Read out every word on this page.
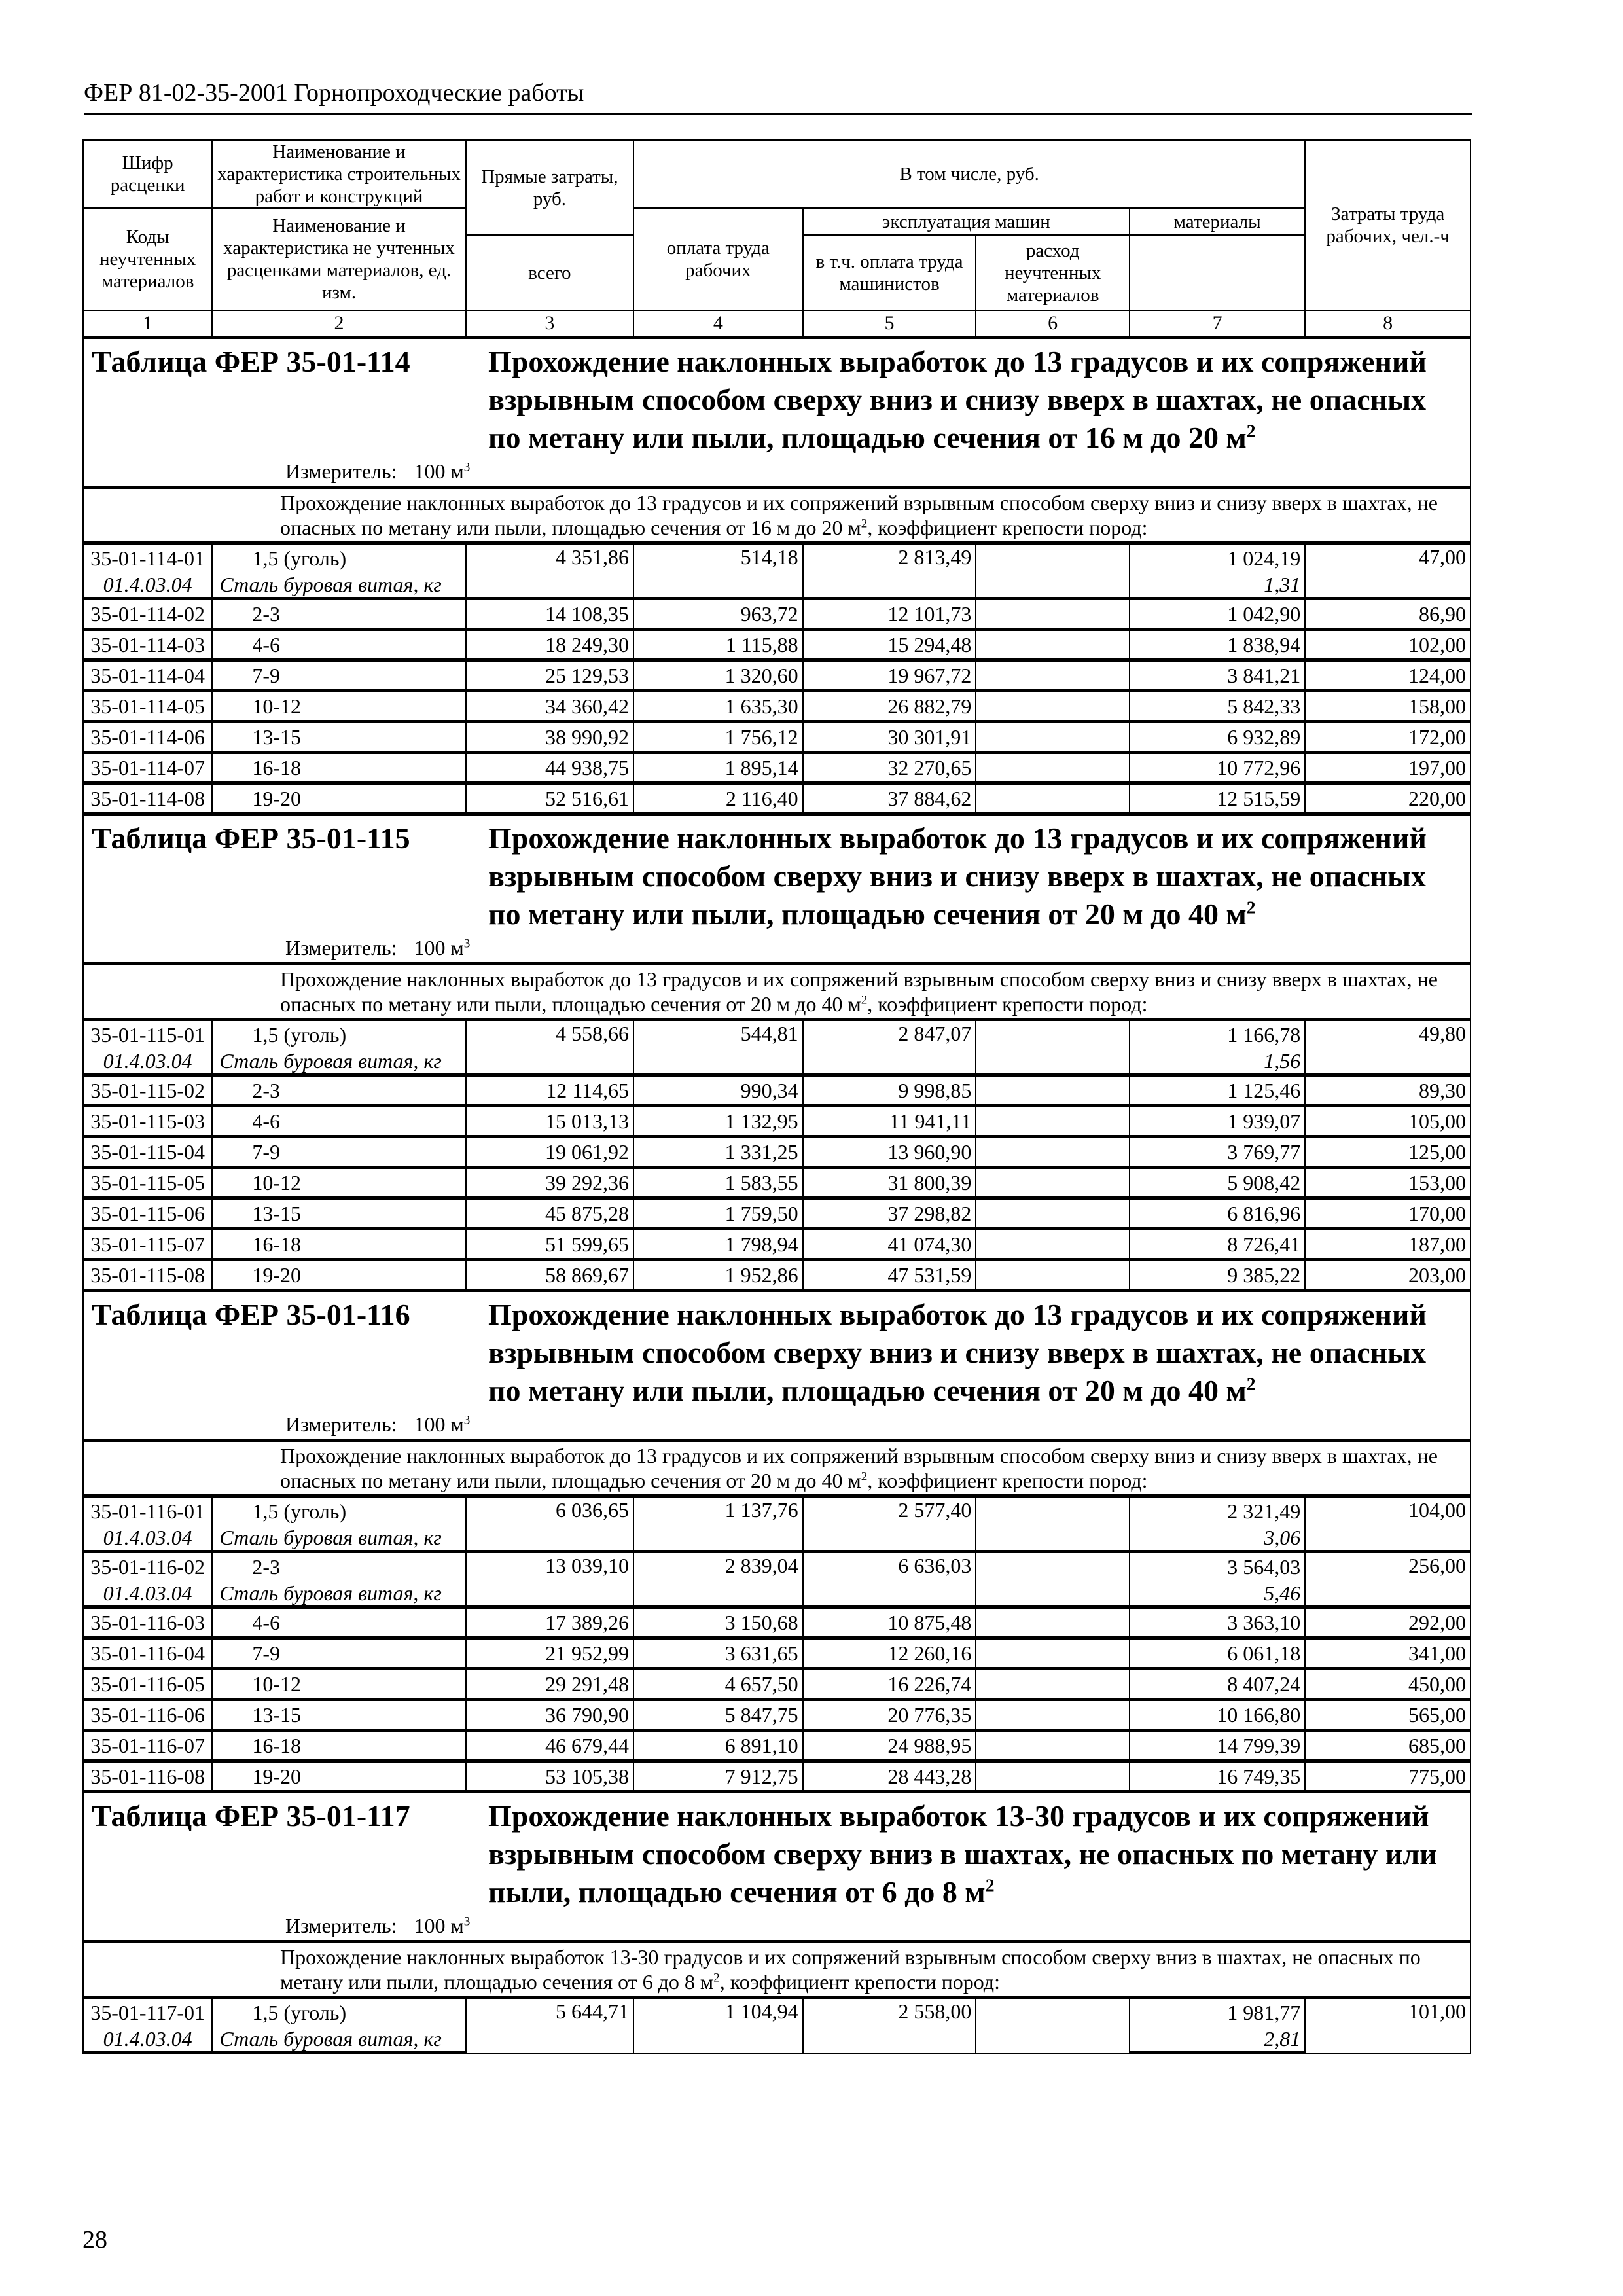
ФЕР 81-02-35-2001 Горнопроходческие работы
Шифр расценки	Наименование и характеристика строительных работ и конструкций	Прямые затраты, руб.	В том числе, руб.				Затраты труда рабочих, чел.-ч
Коды неучтенных материалов	Наименование и характеристика не учтенных расценками материалов, ед. изм.		оплата труда рабочих	эксплуатация машин		материалы	
		всего		в т.ч. оплата труда машинистов	расход неучтенных материалов		
1	2	3	4	5	6	7	8

Таблица ФЕР 35-01-114 Прохождение наклонных выработок до 13 градусов и их сопряжений взрывным способом сверху вниз и снизу вверх в шахтах, не опасных по метану или пыли, площадью сечения от 16 м до 20 $м^2$
Измеритель: 100 $м^3$

Прохождение наклонных выработок до 13 градусов и их сопряжений взрывным способом сверху вниз и снизу вверх в шахтах, не опасных по метану или пыли, площадью сечения от 16 м до 20 $м^2$, коэффициент крепости пород:							
35-01-114-01	1,5 (уголь)	4 351,86	514,18	2 813,49		1 024,19	47,00
01.4.03.04	Сталь буровая витая, кг					1,31	
35-01-114-02	2-3	14 108,35	963,72	12 101,73		1 042,90	86,90
35-01-114-03	4-6	18 249,30	1 115,88	15 294,48		1 838,94	102,00
35-01-114-04	7-9	25 129,53	1 320,60	19 967,72		3 841,21	124,00
35-01-114-05	10-12	34 360,42	1 635,30	26 882,79		5 842,33	158,00
35-01-114-06	13-15	38 990,92	1 756,12	30 301,91		6 932,89	172,00
35-01-114-07	16-18	44 938,75	1 895,14	32 270,65		10 772,96	197,00
35-01-114-08	19-20	52 516,61	2 116,40	37 884,62		12 515,59	220,00

Таблица ФЕР 35-01-115 Прохождение наклонных выработок до 13 градусов и их сопряжений взрывным способом сверху вниз и снизу вверх в шахтах, не опасных по метану или пыли, площадью сечения от 20 м до 40 $м^2$
Измеритель: 100 $м^3$

Прохождение наклонных выработок до 13 градусов и их сопряжений взрывным способом сверху вниз и снизу вверх в шахтах, не опасных по метану или пыли, площадью сечения от 20 м до 40 $м^2$, коэффициент крепости пород:							
35-01-115-01	1,5 (уголь)	4 558,66	544,81	2 847,07		1 166,78	49,80
01.4.03.04	Сталь буровая витая, кг					1,56	
35-01-115-02	2-3	12 114,65	990,34	9 998,85		1 125,46	89,30
35-01-115-03	4-6	15 013,13	1 132,95	11 941,11		1 939,07	105,00
35-01-115-04	7-9	19 061,92	1 331,25	13 960,90		3 769,77	125,00
35-01-115-05	10-12	39 292,36	1 583,55	31 800,39		5 908,42	153,00
35-01-115-06	13-15	45 875,28	1 759,50	37 298,82		6 816,96	170,00
35-01-115-07	16-18	51 599,65	1 798,94	41 074,30		8 726,41	187,00
35-01-115-08	19-20	58 869,67	1 952,86	47 531,59		9 385,22	203,00

Таблица ФЕР 35-01-116 Прохождение наклонных выработок до 13 градусов и их сопряжений взрывным способом сверху вниз и снизу вверх в шахтах, не опасных по метану или пыли, площадью сечения от 20 м до 40 $м^2$
Измеритель: 100 $м^3$

Прохождение наклонных выработок до 13 градусов и их сопряжений взрывным способом сверху вниз и снизу вверх в шахтах, не опасных по метану или пыли, площадью сечения от 20 м до 40 $м^2$, коэффициент крепости пород:							
35-01-116-01	1,5 (уголь)	6 036,65	1 137,76	2 577,40		2 321,49	104,00
01.4.03.04	Сталь буровая витая, кг					3,06	
35-01-116-02	2-3	13 039,10	2 839,04	6 636,03		3 564,03	256,00
01.4.03.04	Сталь буровая витая, кг					5,46	
35-01-116-03	4-6	17 389,26	3 150,68	10 875,48		3 363,10	292,00
35-01-116-04	7-9	21 952,99	3 631,65	12 260,16		6 061,18	341,00
35-01-116-05	10-12	29 291,48	4 657,50	16 226,74		8 407,24	450,00
35-01-116-06	13-15	36 790,90	5 847,75	20 776,35		10 166,80	565,00
35-01-116-07	16-18	46 679,44	6 891,10	24 988,95		14 799,39	685,00
35-01-116-08	19-20	53 105,38	7 912,75	28 443,28		16 749,35	775,00

Таблица ФЕР 35-01-117 Прохождение наклонных выработок 13-30 градусов и их сопряжений взрывным способом сверху вниз в шахтах, не опасных по метану или пыли, площадью сечения от 6 до 8 $м^2$
Измеритель: 100 $м^3$

Прохождение наклонных выработок 13-30 градусов и их сопряжений взрывным способом сверху вниз в шахтах, не опасных по метану или пыли, площадью сечения от 6 до 8 $м^2$, коэффициент крепости пород:							
35-01-117-01	1,5 (уголь)	5 644,71	1 104,94	2 558,00		1 981,77	101,00
01.4.03.04	Сталь буровая витая, кг					2,81	
28
